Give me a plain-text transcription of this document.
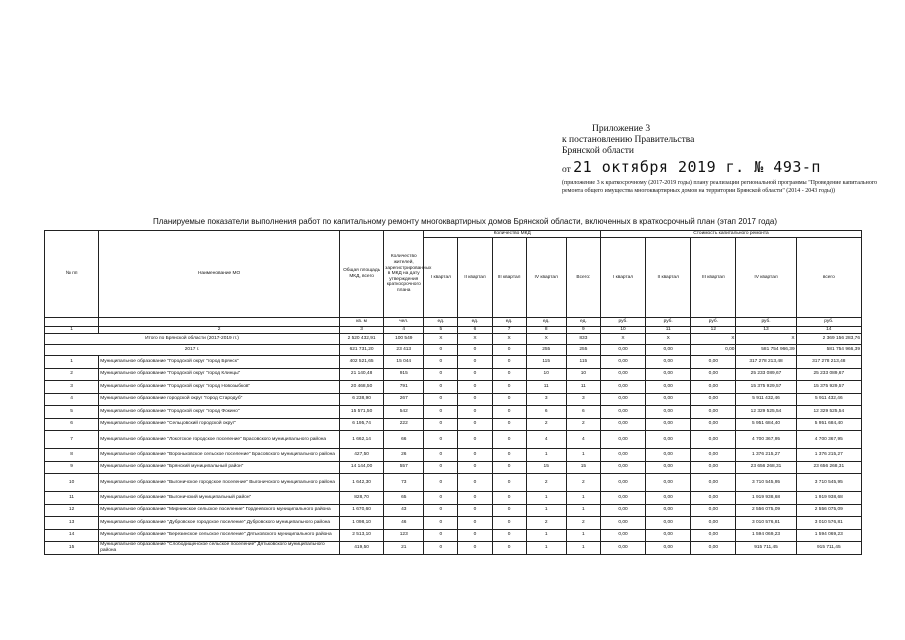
Приложение 3
к постановлению Правительства
Брянской области
от 21 октября 2019 г. № 493-п
(приложение 3 к краткосрочному (2017-2019 годы) плану реализации региональной программы "Проведение капитального ремонта общего имущества многоквартирных домов на территории Брянской области" (2014 - 2043 годы))
Планируемые показатели выполнения работ по капитальному ремонту многоквартирных домов Брянской области, включенных в краткосрочный план (этап 2017 года)
№ пп	Наименование МО	Общая площадь МКД, всего	Количество жителей, зарегистрированных в МКД на дату утверждения краткосрочного плана	Количество МКД					Стоимость капитального ремонта				
				I квартал	II квартал	III квартал	IV квартал	Всего:	I квартал	II квартал	III квартал	IV квартал	всего
		кв. м	чел.	ед.	ед.	ед.	ед.	ед.	руб.	руб.	руб.	руб.	руб.
1	2	3	4	5	6	7	8	9	10	11	12	13	14
Итого по Брянской области (2017-2019 гг.)		2 520 432,91	100 549	X	X	X	X	833	X	X	X	X	2 369 156 283,76
2017 г.		621 731,20	23 413	0	0	0	255	255	0,00	0,00	0,00	581 754 966,39	581 754 966,39
1	Муниципальное образование "Городской округ "город Брянск"	402 521,65	15 044	0	0	0	115	115	0,00	0,00	0,00	317 278 213,48	317 278 213,48
2	Муниципальное образование "Городской округ "город Клинцы"	21 140,48	915	0	0	0	10	10	0,00	0,00	0,00	25 233 089,67	25 233 089,67
3	Муниципальное образование "Городской округ "город Новозыбков"	20 468,50	791	0	0	0	11	11	0,00	0,00	0,00	15 375 929,57	15 375 929,57
4	Муниципальное образование городской округ "город Стародуб"	6 238,90	267	0	0	0	3	3	0,00	0,00	0,00	5 911 432,46	5 911 432,46
5	Муниципальное образование "Городской округ "город Фокино"	15 571,50	542	0	0	0	6	6	0,00	0,00	0,00	12 329 525,54	12 329 525,54
6	Муниципальное образование "Сельцовский городской округ"	6 195,74	222	0	0	0	2	2	0,00	0,00	0,00	5 951 684,40	5 951 684,40
7	Муниципальное образование "Локотское городское поселение" Брасовского муниципального района	1 662,14	66	0	0	0	4	4	0,00	0,00	0,00	4 700 367,95	4 700 367,95
8	Муниципальное образование "Вороньковское сельское поселение" Брасовского муниципального района	427,50	26	0	0	0	1	1	0,00	0,00	0,00	1 376 215,27	1 376 215,27
9	Муниципальное образование "Брянский муниципальный район"	14 144,00	557	0	0	0	15	15	0,00	0,00	0,00	23 656 268,31	23 656 268,31
10	Муниципальное образование "Выгоничское городское поселение" Выгоничского муниципального района	1 642,30	73	0	0	0	2	2	0,00	0,00	0,00	3 710 545,95	3 710 545,95
11	Муниципальное образование "Выгоничский муниципальный район"	828,70	65	0	0	0	1	1	0,00	0,00	0,00	1 919 938,68	1 919 938,68
12	Муниципальное образование "Мирнинское сельское поселение" Гордеевского муниципального района	1 670,60	43	0	0	0	1	1	0,00	0,00	0,00	2 556 075,09	2 556 075,09
13	Муниципальное образование "Дубровское городское поселение" Дубровского муниципального района	1 098,10	46	0	0	0	2	2	0,00	0,00	0,00	3 010 576,81	3 010 576,81
14	Муниципальное образование "Березинское сельское поселение" Дятьковского муниципального района	2 513,10	123	0	0	0	1	1	0,00	0,00	0,00	1 594 069,23	1 594 069,23
15	Муниципальное образование "Слободищенское сельское поселение" Дятьковского муниципального района	419,50	21	0	0	0	1	1	0,00	0,00	0,00	915 711,45	915 711,45
